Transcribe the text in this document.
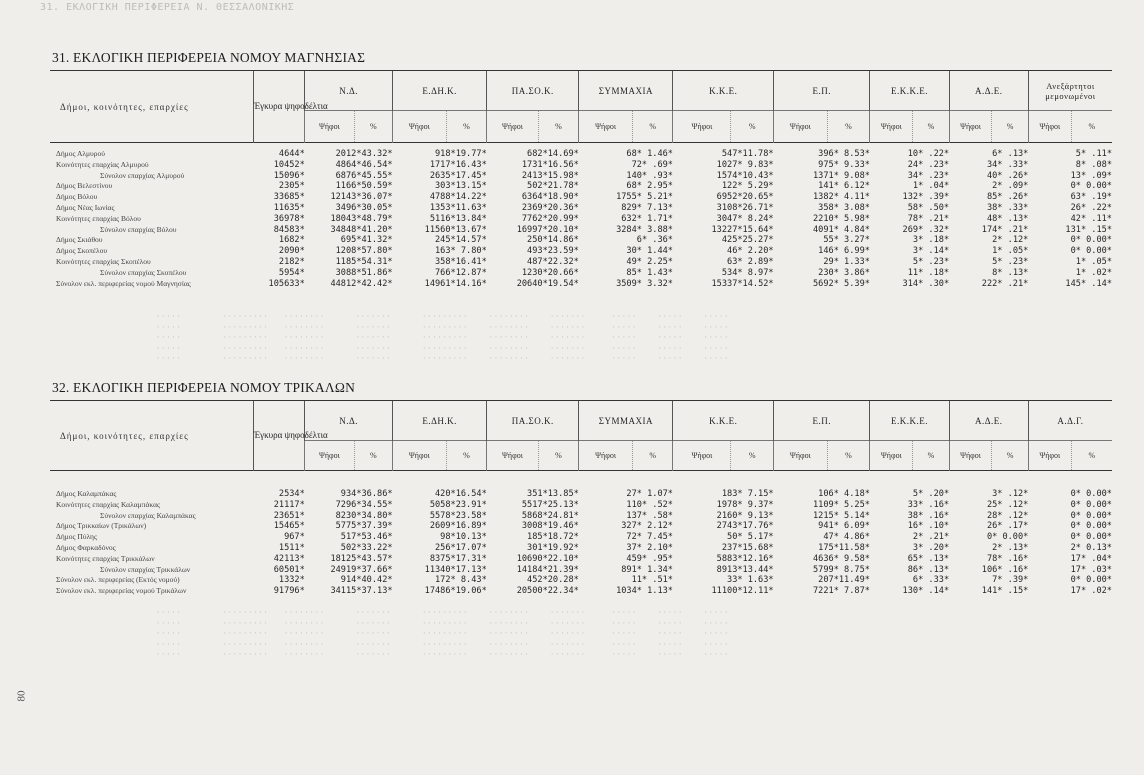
31. ΕΚΛΟΓΙΚΗ ΠΕΡΙΦΕΡΕΙΑ Ν. ΘΕΣΣΑΛΟΝΙΚΗΣ
31. ΕΚΛΟΓΙΚΗ ΠΕΡΙΦΕΡΕΙΑ ΝΟΜΟΥ ΜΑΓΝΗΣΙΑΣ
Δήμοι, κοινότητες, επαρχίες	Έγκυρα ψηφοδέλτια	Ν.Δ.		Ε.ΔΗ.Κ.		ΠΑ.ΣΟ.Κ.		ΣΥΜΜΑΧΙΑ		Κ.Κ.Ε.		Ε.Π.		Ε.Κ.Κ.Ε.		Α.Δ.Ε.		Ανεξάρτητοι μεμονωμένοι	
		Ψήφοι	%	Ψήφοι	%	Ψήφοι	%	Ψήφοι	%	Ψήφοι	%	Ψήφοι	%	Ψήφοι	%	Ψήφοι	%	Ψήφοι	%

Δήμος Αλμυρού	4644*	2012*43.32*		918*19.77*		682*14.69*		68* 1.46*		547*11.78*		396* 8.53*		10* .22*		6* .13*		5* .11*	
Κοινότητες επαρχίας Αλμυρού	10452*	4864*46.54*		1717*16.43*		1731*16.56*		72* .69*		1027* 9.83*		975* 9.33*		24* .23*		34* .33*		8* .08*	
Σύνολον επαρχίας Αλμυρού	15096*	6876*45.55*		2635*17.45*		2413*15.98*		140* .93*		1574*10.43*		1371* 9.08*		34* .23*		40* .26*		13* .09*	
Δήμος Βελεστίνου	2305*	1166*50.59*		303*13.15*		502*21.78*		68* 2.95*		122* 5.29*		141* 6.12*		1* .04*		2* .09*		0* 0.00*	
Δήμος Βόλου	33685*	12143*36.07*		4788*14.22*		6364*18.90*		1755* 5.21*		6952*20.65*		1382* 4.11*		132* .39*		85* .26*		63* .19*	
Δήμος Νέας Ιωνίας	11635*	3496*30.05*		1353*11.63*		2369*20.36*		829* 7.13*		3108*26.71*		358* 3.08*		58* .50*		38* .33*		26* .22*	
Κοινότητες επαρχίας Βόλου	36978*	18043*48.79*		5116*13.84*		7762*20.99*		632* 1.71*		3047* 8.24*		2210* 5.98*		78* .21*		48* .13*		42* .11*	
Σύνολον επαρχίας Βόλου	84583*	34848*41.20*		11560*13.67*		16997*20.10*		3284* 3.88*		13227*15.64*		4091* 4.84*		269* .32*		174* .21*		131* .15*	
Δήμος Σκιάθου	1682*	695*41.32*		245*14.57*		250*14.86*		6* .36*		425*25.27*		55* 3.27*		3* .18*		2* .12*		0* 0.00*	
Δήμος Σκοπέλου	2090*	1208*57.80*		163* 7.80*		493*23.59*		30* 1.44*		46* 2.20*		146* 6.99*		3* .14*		1* .05*		0* 0.00*	
Κοινότητες επαρχίας Σκοπέλου	2182*	1185*54.31*		358*16.41*		487*22.32*		49* 2.25*		63* 2.89*		29* 1.33*		5* .23*		5* .23*		1* .05*	
Σύνολον επαρχίας Σκοπέλου	5954*	3088*51.86*		766*12.87*		1230*20.66*		85* 1.43*		534* 8.97*		230* 3.86*		11* .18*		8* .13*		1* .02*	
Σύνολον εκλ. περιφερείας νομού Μαγνησίας	105633*	44812*42.42*		14961*14.16*		20640*19.54*		3509* 3.32*		15337*14.52*		5692* 5.39*		314* .30*		222* .21*		145* .14*	
·····        ·········   ········      ·······      ·········    ········    ·······     ·····    ·····    ·····
·····        ·········   ········      ·······      ·········    ········    ·······     ·····    ·····    ·····
·····        ·········   ········      ·······      ·········    ········    ·······     ·····    ·····    ·····
·····        ·········   ········      ·······      ·········    ········    ·······     ·····    ·····    ·····
·····        ·········   ········      ·······      ·········    ········    ·······     ·····    ·····    ·····
32. ΕΚΛΟΓΙΚΗ ΠΕΡΙΦΕΡΕΙΑ ΝΟΜΟΥ ΤΡΙΚΑΛΩΝ
Δήμοι, κοινότητες, επαρχίες	Έγκυρα ψηφοδέλτια	Ν.Δ.		Ε.ΔΗ.Κ.		ΠΑ.ΣΟ.Κ.		ΣΥΜΜΑΧΙΑ		Κ.Κ.Ε.		Ε.Π.		Ε.Κ.Κ.Ε.		Α.Δ.Ε.		Α.Δ.Γ.	
		Ψήφοι	%	Ψήφοι	%	Ψήφοι	%	Ψήφοι	%	Ψήφοι	%	Ψήφοι	%	Ψήφοι	%	Ψήφοι	%	Ψήφοι	%

Δήμος Καλαμπάκας	2534*	934*36.86*		420*16.54*		351*13.85*		27* 1.07*		183* 7.15*		106* 4.18*		5* .20*		3* .12*		0* 0.00*	
Κοινότητες επαρχίας Καλαμπάκας	21117*	7296*34.55*		5058*23.91*		5517*25.13*		110* .52*		1978* 9.37*		1109* 5.25*		33* .16*		25* .12*		0* 0.00*	
Σύνολον επαρχίας Καλαμπάκας	23651*	8230*34.80*		5578*23.58*		5868*24.81*		137* .58*		2160* 9.13*		1215* 5.14*		38* .16*		28* .12*		0* 0.00*	
Δήμος Τρικκαίων (Τρικάλων)	15465*	5775*37.39*		2609*16.89*		3008*19.46*		327* 2.12*		2743*17.76*		941* 6.09*		16* .10*		26* .17*		0* 0.00*	
Δήμος Πύλης	967*	517*53.46*		98*10.13*		185*18.72*		72* 7.45*		50* 5.17*		47* 4.86*		2* .21*		0* 0.00*		0* 0.00*	
Δήμος Φαρκαδόνος	1511*	502*33.22*		256*17.07*		301*19.92*		37* 2.10*		237*15.68*		175*11.58*		3* .20*		2* .13*		2* 0.13*	
Κοινότητες επαρχίας Τρικκάλων	42113*	18125*43.57*		8375*17.31*		10690*22.10*		459* .95*		5883*12.16*		4636* 9.58*		65* .13*		78* .16*		17* .04*	
Σύνολον επαρχίας Τρικκάλων	60501*	24919*37.66*		11340*17.13*		14184*21.39*		891* 1.34*		8913*13.44*		5799* 8.75*		86* .13*		106* .16*		17* .03*	
Σύνολον εκλ. περιφερείας (Εκτός νομού)	1332*	914*40.42*		172* 8.43*		452*20.28*		11* .51*		33* 1.63*		207*11.49*		6* .33*		7* .39*		0* 0.00*	
Σύνολον εκλ. περιφερείας νομού Τρικάλων	91796*	34115*37.13*		17486*19.06*		20500*22.34*		1034* 1.13*		11100*12.11*		7221* 7.87*		130* .14*		141* .15*		17* .02*	
·····        ·········   ········      ·······      ·········    ········    ·······     ·····    ·····    ·····
·····        ·········   ········      ·······      ·········    ········    ·······     ·····    ·····    ·····
·····        ·········   ········      ·······      ·········    ········    ·······     ·····    ·····    ·····
·····        ·········   ········      ·······      ·········    ········    ·······     ·····    ·····    ·····
·····        ·········   ········      ·······      ·········    ········    ·······     ·····    ·····    ·····
80
